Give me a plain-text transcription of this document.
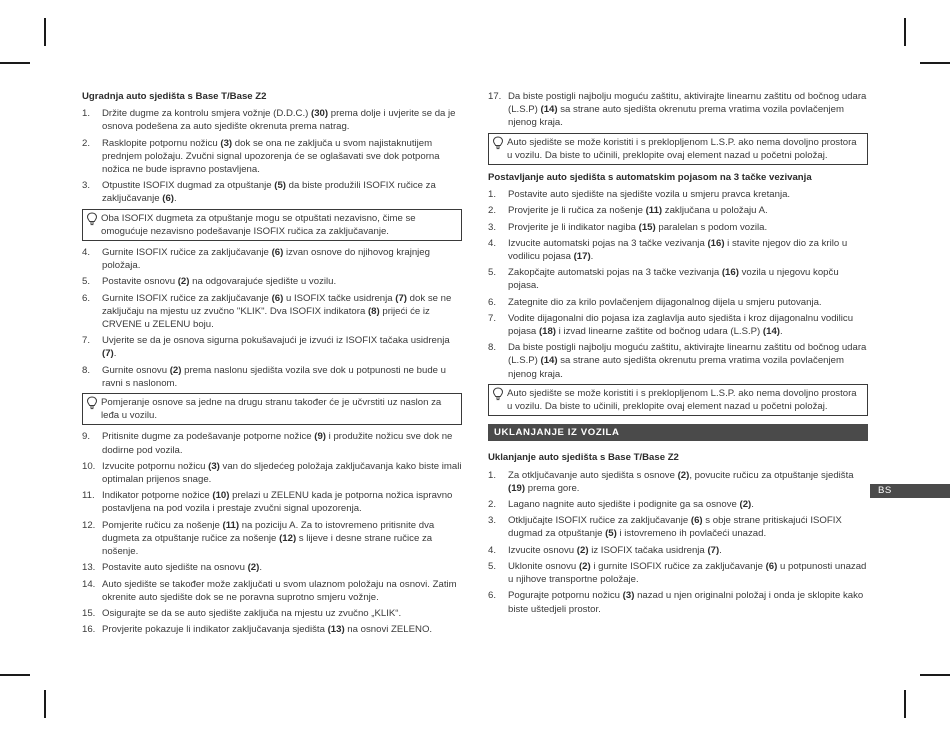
Ugradnja auto sjedišta s Base T/Base Z2
1. Držite dugme za kontrolu smjera vožnje (D.D.C.) (30) prema dolje i uvjerite se da je osnova podešena za auto sjedište okrenuta prema natrag.
2. Rasklopite potpornu nožicu (3) dok se ona ne zaključa u svom najistaknutijem prednjem položaju. Zvučni signal upozorenja će se oglašavati sve dok potporna nožica ne bude ispravno postavljena.
3. Otpustite ISOFIX dugmad za otpuštanje (5) da biste produžili ISOFIX ručice za zaključavanje (6).
Oba ISOFIX dugmeta za otpuštanje mogu se otpuštati nezavisno, čime se omogućuje nezavisno podešavanje ISOFIX ručica za zaključavanje.
4. Gurnite ISOFIX ručice za zaključavanje (6) izvan osnove do njihovog krajnjeg položaja.
5. Postavite osnovu (2) na odgovarajuće sjedište u vozilu.
6. Gurnite ISOFIX ručice za zaključavanje (6) u ISOFIX tačke usidrenja (7) dok se ne zaključaju na mjestu uz zvučno "KLIK". Dva ISOFIX indikatora (8) prijeći će iz CRVENE u ZELENU boju.
7. Uvjerite se da je osnova sigurna pokušavajući je izvući iz ISOFIX tačaka usidrenja (7).
8. Gurnite osnovu (2) prema naslonu sjedišta vozila sve dok u potpunosti ne bude u ravni s naslonom.
Pomjeranje osnove sa jedne na drugu stranu također će je učvrstiti uz naslon za leđa u vozilu.
9. Pritisnite dugme za podešavanje potporne nožice (9) i produžite nožicu sve dok ne dodirne pod vozila.
10. Izvucite potpornu nožicu (3) van do sljedećeg položaja zaključavanja kako biste imali optimalan prijenos snage.
11. Indikator potporne nožice (10) prelazi u ZELENU kada je potporna nožica ispravno postavljena na pod vozila i prestaje zvučni signal upozorenja.
12. Pomjerite ručicu za nošenje (11) na poziciju A. Za to istovremeno pritisnite dva dugmeta za otpuštanje ručice za nošenje (12) s lijeve i desne strane ručice za nošenje.
13. Postavite auto sjedište na osnovu (2).
14. Auto sjedište se također može zaključati u svom ulaznom položaju na osnovi. Zatim okrenite auto sjedište dok se ne poravna suprotno smjeru vožnje.
15. Osigurajte se da se auto sjedište zaključa na mjestu uz zvučno „KLIK“.
16. Provjerite pokazuje li indikator zaključavanja sjedišta (13) na osnovi ZELENO.
17. Da biste postigli najbolju moguću zaštitu, aktivirajte linearnu zaštitu od bočnog udara (L.S.P) (14) sa strane auto sjedišta okrenutu prema vratima vozila povlačenjem njenog kraja.
Auto sjedište se može koristiti i s preklopljenom L.S.P. ako nema dovoljno prostora u vozilu. Da biste to učinili, preklopite ovaj element nazad u početni položaj.
Postavljanje auto sjedišta s automatskim pojasom na 3 tačke vezivanja
1. Postavite auto sjedište na sjedište vozila u smjeru pravca kretanja.
2. Provjerite je li ručica za nošenje (11) zaključana u položaju A.
3. Provjerite je li indikator nagiba (15) paralelan s podom vozila.
4. Izvucite automatski pojas na 3 tačke vezivanja (16) i stavite njegov dio za krilo u vodilicu pojasa (17).
5. Zakopčajte automatski pojas na 3 tačke vezivanja (16) vozila u njegovu kopču pojasa.
6. Zategnite dio za krilo povlačenjem dijagonalnog dijela u smjeru putovanja.
7. Vodite dijagonalni dio pojasa iza zaglavlja auto sjedišta i kroz dijagonalnu vodilicu pojasa (18) i izvad linearne zaštite od bočnog udara (L.S.P) (14).
8. Da biste postigli najbolju moguću zaštitu, aktivirajte linearnu zaštitu od bočnog udara (L.S.P) (14) sa strane auto sjedišta okrenutu prema vratima vozila povlačenjem njenog kraja.
Auto sjedište se može koristiti i s preklopljenom L.S.P. ako nema dovoljno prostora u vozilu. Da biste to učinili, preklopite ovaj element nazad u početni položaj.
UKLANJANJE IZ VOZILA
Uklanjanje auto sjedišta s Base T/Base Z2
1. Za otključavanje auto sjedišta s osnove (2), povucite ručicu za otpuštanje sjedišta (19) prema gore.
2. Lagano nagnite auto sjedište i podignite ga sa osnove (2).
3. Otključajte ISOFIX ručice za zaključavanje (6) s obje strane pritiskajući ISOFIX dugmad za otpuštanje (5) i istovremeno ih povlačeći unazad.
4. Izvucite osnovu (2) iz ISOFIX tačaka usidrenja (7).
5. Uklonite osnovu (2) i gurnite ISOFIX ručice za zaključavanje (6) u potpunosti unazad u njihove transportne položaje.
6. Pogurajte potpornu nožicu (3) nazad u njen originalni položaj i onda je sklopite kako biste uštedjeli prostor.
BS
